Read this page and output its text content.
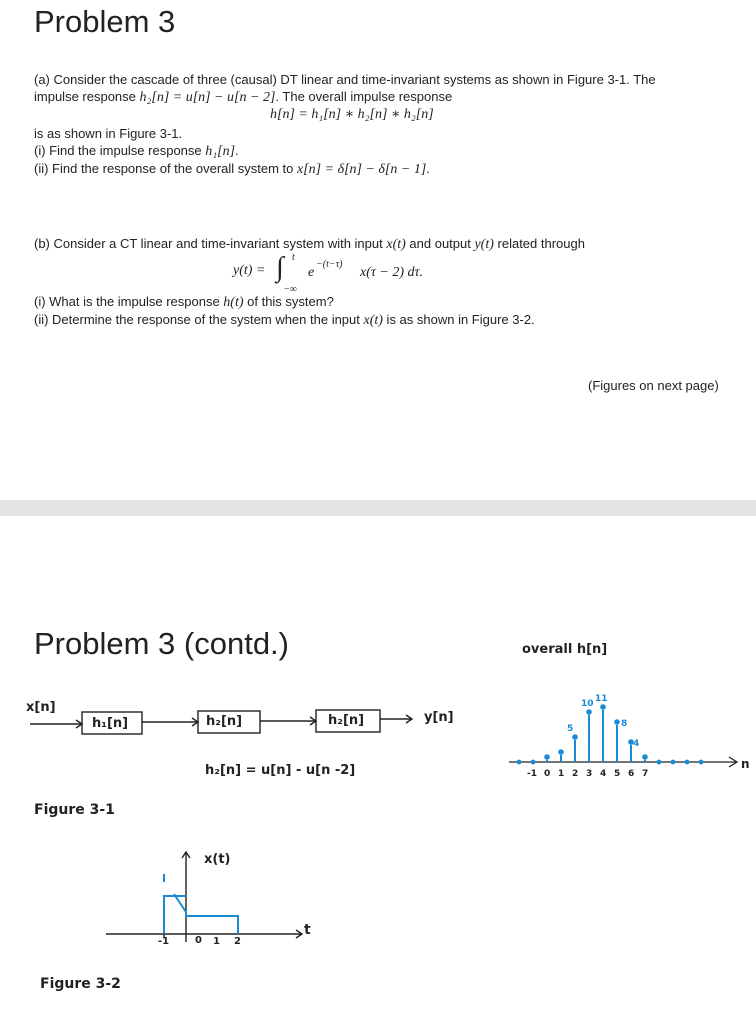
Problem 3
(a) Consider the cascade of three (causal) DT linear and time-invariant systems as shown in Figure 3-1. The
impulse response h₂[n] = u[n] − u[n − 2]. The overall impulse response
h[n] = h₁[n] ∗ h₂[n] ∗ h₂[n]
is as shown in Figure 3-1.
(i) Find the impulse response h₁[n].
(ii) Find the response of the overall system to x[n] = δ[n] − δ[n − 1].
(b) Consider a CT linear and time-invariant system with input x(t) and output y(t) related through
y(t) = ∫ t
−∞
e
−(t−τ)
x(τ − 2) dτ.
(i) What is the impulse response h(t) of this system?
(ii) Determine the response of the system when the input x(t) is as shown in Figure 3-2.
(Figures on next page)
Problem 3 (contd.)
x[n]
h₁[n]	h₂[n]	h₂[n]	y[n]
h₂[n] = u[n] - u[n -2]
Figure 3-1
overall h[n]
-1 0 1 2 3 4 5 6 7
10 11
8
5
4
n
x(t)
t
-1	0 1 2
Figure 3-2
